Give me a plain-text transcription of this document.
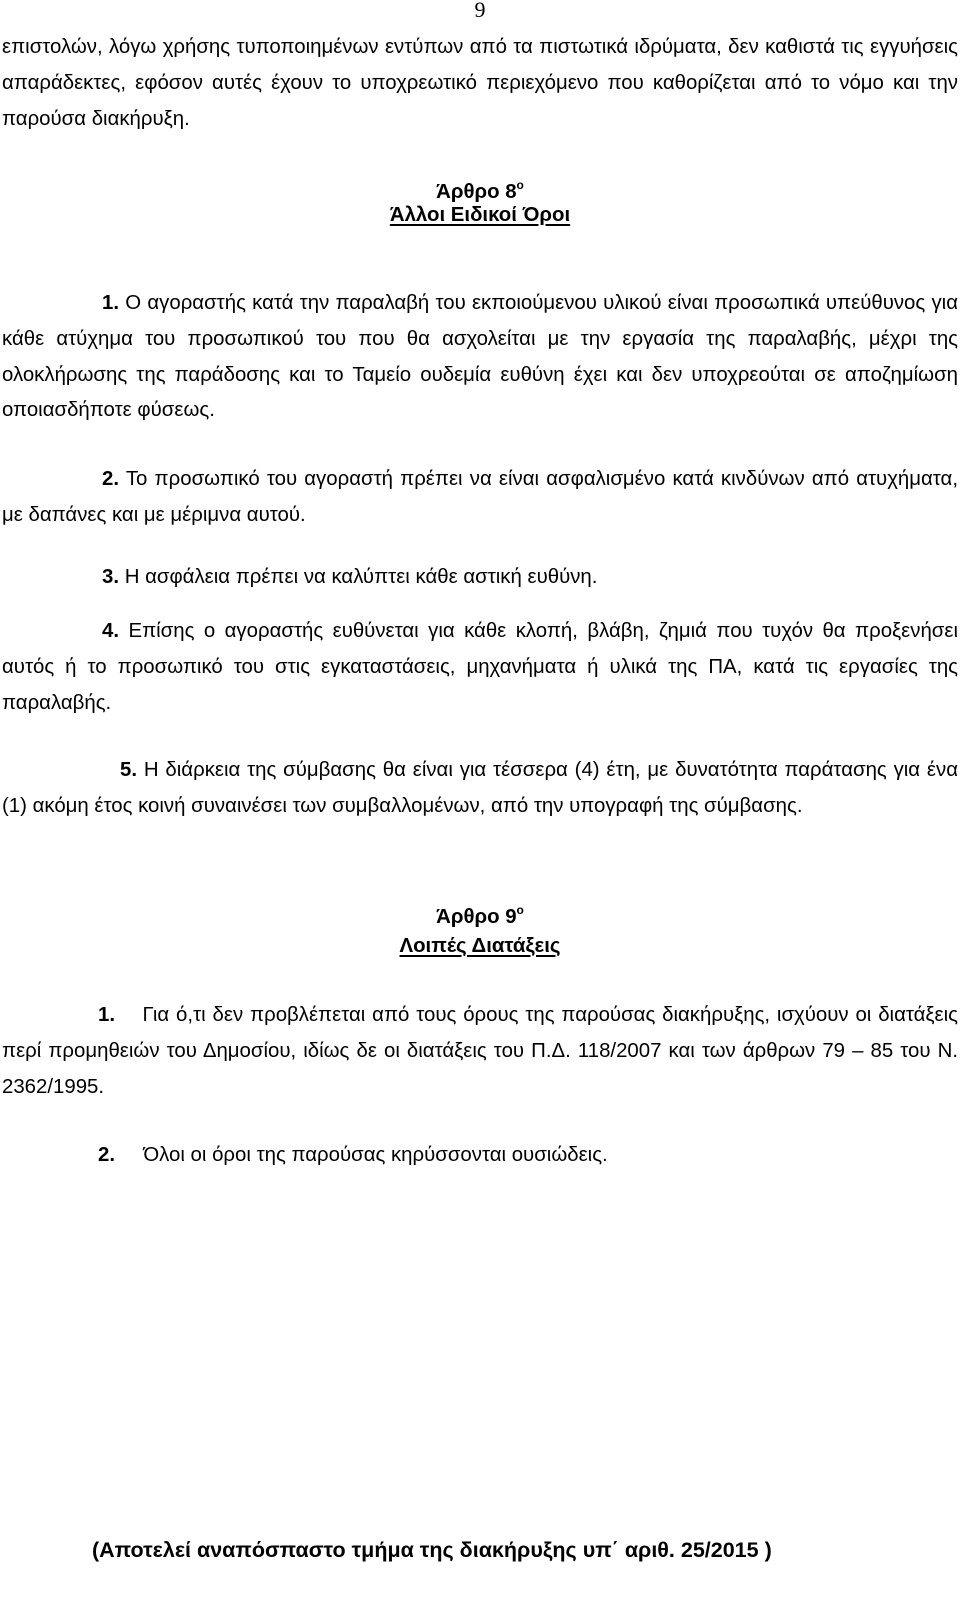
9
επιστολών, λόγω χρήσης τυποποιημένων εντύπων από τα πιστωτικά ιδρύματα, δεν καθιστά τις εγγυήσεις απαράδεκτες, εφόσον αυτές έχουν το υποχρεωτικό περιεχόμενο που καθορίζεται από το νόμο και την παρούσα διακήρυξη.
Άρθρο $8^o$
Άλλοι Ειδικοί Όροι
1. Ο αγοραστής κατά την παραλαβή του εκποιούμενου υλικού είναι προσωπικά υπεύθυνος για κάθε ατύχημα του προσωπικού του που θα ασχολείται με την εργασία της παραλαβής, μέχρι της ολοκλήρωσης της παράδοσης και το Ταμείο ουδεμία ευθύνη έχει και δεν υποχρεούται σε αποζημίωση οποιασδήποτε φύσεως.
2. Το προσωπικό του αγοραστή πρέπει να είναι ασφαλισμένο κατά κινδύνων από ατυχήματα, με δαπάνες και με μέριμνα αυτού.
3. Η ασφάλεια πρέπει να καλύπτει κάθε αστική ευθύνη.
4. Επίσης ο αγοραστής ευθύνεται για κάθε κλοπή, βλάβη, ζημιά που τυχόν θα προξενήσει αυτός ή το προσωπικό του στις εγκαταστάσεις, μηχανήματα ή υλικά της ΠΑ, κατά τις εργασίες της παραλαβής.
5. Η διάρκεια της σύμβασης θα είναι για τέσσερα (4) έτη, με δυνατότητα παράτασης για ένα (1) ακόμη έτος κοινή συναινέσει των συμβαλλομένων, από την υπογραφή της σύμβασης.
Άρθρο $9^o$
Λοιπές Διατάξεις
1. Για ό,τι δεν προβλέπεται από τους όρους της παρούσας διακήρυξης, ισχύουν οι διατάξεις περί προμηθειών του Δημοσίου, ιδίως δε οι διατάξεις του Π.Δ. 118/2007 και των άρθρων 79 – 85 του Ν. 2362/1995.
2. Όλοι οι όροι της παρούσας κηρύσσονται ουσιώδεις.
(Αποτελεί αναπόσπαστο τμήμα της διακήρυξης υπ΄ αριθ. 25/2015 )
